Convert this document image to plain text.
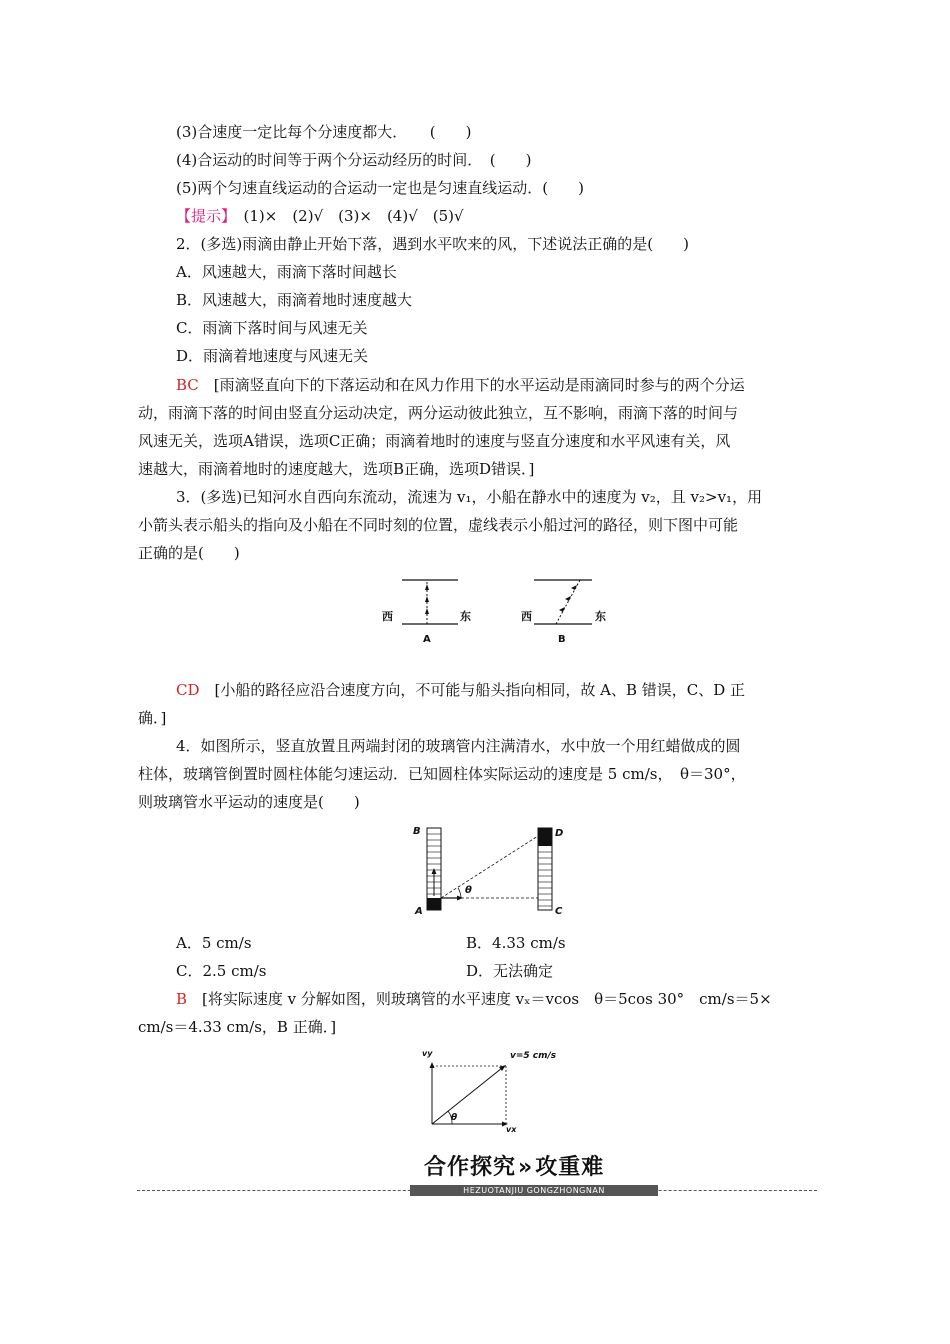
(3)合速度一定比每个分速度都大．　　(　　)
(4)合运动的时间等于两个分运动经历的时间．　(　　)
(5)两个匀速直线运动的合运动一定也是匀速直线运动．(　　)
【提示】　(1)×　(2)√　(3)×　(4)√　(5)√
2．(多选)雨滴由静止开始下落，遇到水平吹来的风，下述说法正确的是(　　)
A．风速越大，雨滴下落时间越长
B．风速越大，雨滴着地时速度越大
C．雨滴下落时间与风速无关
D．雨滴着地速度与风速无关
BC　[雨滴竖直向下的下落运动和在风力作用下的水平运动是雨滴同时参与的两个分运
动，雨滴下落的时间由竖直分运动决定，两分运动彼此独立，互不影响，雨滴下落的时间与
风速无关，选项A错误，选项C正确；雨滴着地时的速度与竖直分速度和水平风速有关，风
速越大，雨滴着地时的速度越大，选项B正确，选项D错误．]
3．(多选)已知河水自西向东流动，流速为 v₁，小船在静水中的速度为 v₂，且 v₂>v₁，用
小箭头表示船头的指向及小船在不同时刻的位置，虚线表示小船过河的路径，则下图中可能
正确的是(　　)
西	东
A
西	东
B
CD　[小船的路径应沿合速度方向，不可能与船头指向相同，故 A、B 错误，C、D 正
确．]
4．如图所示，竖直放置且两端封闭的玻璃管内注满清水，水中放一个用红蜡做成的圆
柱体，玻璃管倒置时圆柱体能匀速运动．已知圆柱体实际运动的速度是 5 cm/s，　θ＝30°，
则玻璃管水平运动的速度是(　　)
B	D
A	C
θ
A．5 cm/s	B．4.33 cm/s
C．2.5 cm/s	D．无法确定
B　[将实际速度 v 分解如图，则玻璃管的水平速度 vₓ＝vcos　θ＝5cos 30°　cm/s＝5×
cm/s＝4.33 cm/s，B 正确．]
vy	v=5 cm/s
θ
vx
合作探究»攻重难
HEZUOTANJIU GONGZHONGNAN
